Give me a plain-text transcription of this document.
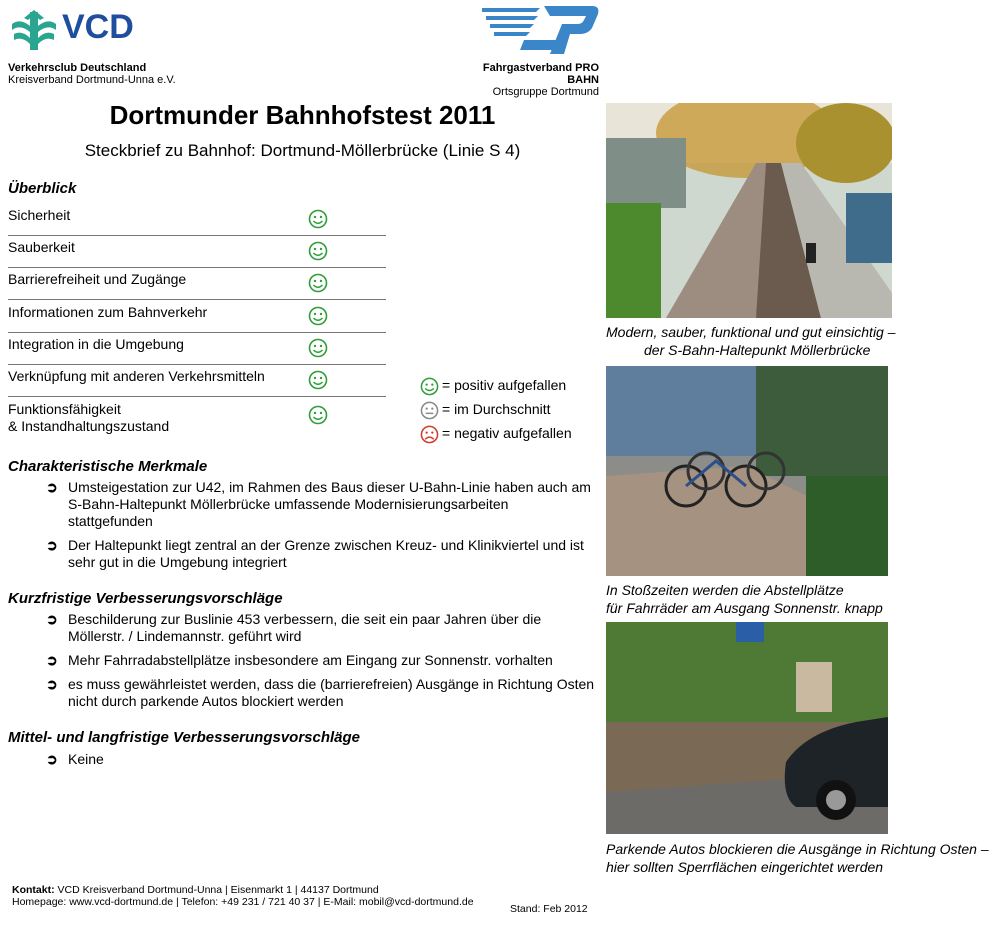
VCD
Verkehrsclub Deutschland
Kreisverband Dortmund-Unna e.V.
Fahrgastverband PRO BAHN
Ortsgruppe Dortmund
Dortmunder Bahnhofstest 2011
Steckbrief zu Bahnhof: Dortmund-Möllerbrücke (Linie S 4)
Überblick
Sicherheit
Sauberkeit
Barrierefreiheit und Zugänge
Informationen zum Bahnverkehr
Integration in die Umgebung
Verknüpfung mit anderen Verkehrsmitteln
Funktionsfähigkeit
& Instandhaltungszustand
= positiv aufgefallen
= im Durchschnitt
= negativ aufgefallen
Charakteristische Merkmale
➲ Umsteigestation zur U42, im Rahmen des Baus dieser U-Bahn-Linie haben auch am S-Bahn-Haltepunkt Möllerbrücke umfassende Modernisierungsarbeiten stattgefunden
➲ Der Haltepunkt liegt zentral an der Grenze zwischen Kreuz- und Klinikviertel und ist sehr gut in die Umgebung integriert
Kurzfristige Verbesserungsvorschläge
➲ Beschilderung zur Buslinie 453 verbessern, die seit ein paar Jahren über die Möllerstr. / Lindemannstr. geführt wird
➲ Mehr Fahrradabstellplätze insbesondere am Eingang zur Sonnenstr. vorhalten
➲ es muss gewährleistet werden, dass die (barrierefreien) Ausgänge in Richtung Osten nicht durch parkende Autos blockiert werden
Mittel- und langfristige Verbesserungsvorschläge
➲ Keine
Modern, sauber, funktional und gut einsichtig –
der S-Bahn-Haltepunkt Möllerbrücke
In Stoßzeiten werden die Abstellplätze
für Fahrräder am Ausgang Sonnenstr. knapp
Parkende Autos blockieren die Ausgänge in Richtung Osten –
hier sollten Sperrflächen eingerichtet werden
Kontakt: VCD Kreisverband Dortmund-Unna | Eisenmarkt 1 | 44137 Dortmund
Homepage: www.vcd-dortmund.de | Telefon: +49 231 / 721 40 37 | E-Mail: mobil@vcd-dortmund.de
Stand: Feb 2012
